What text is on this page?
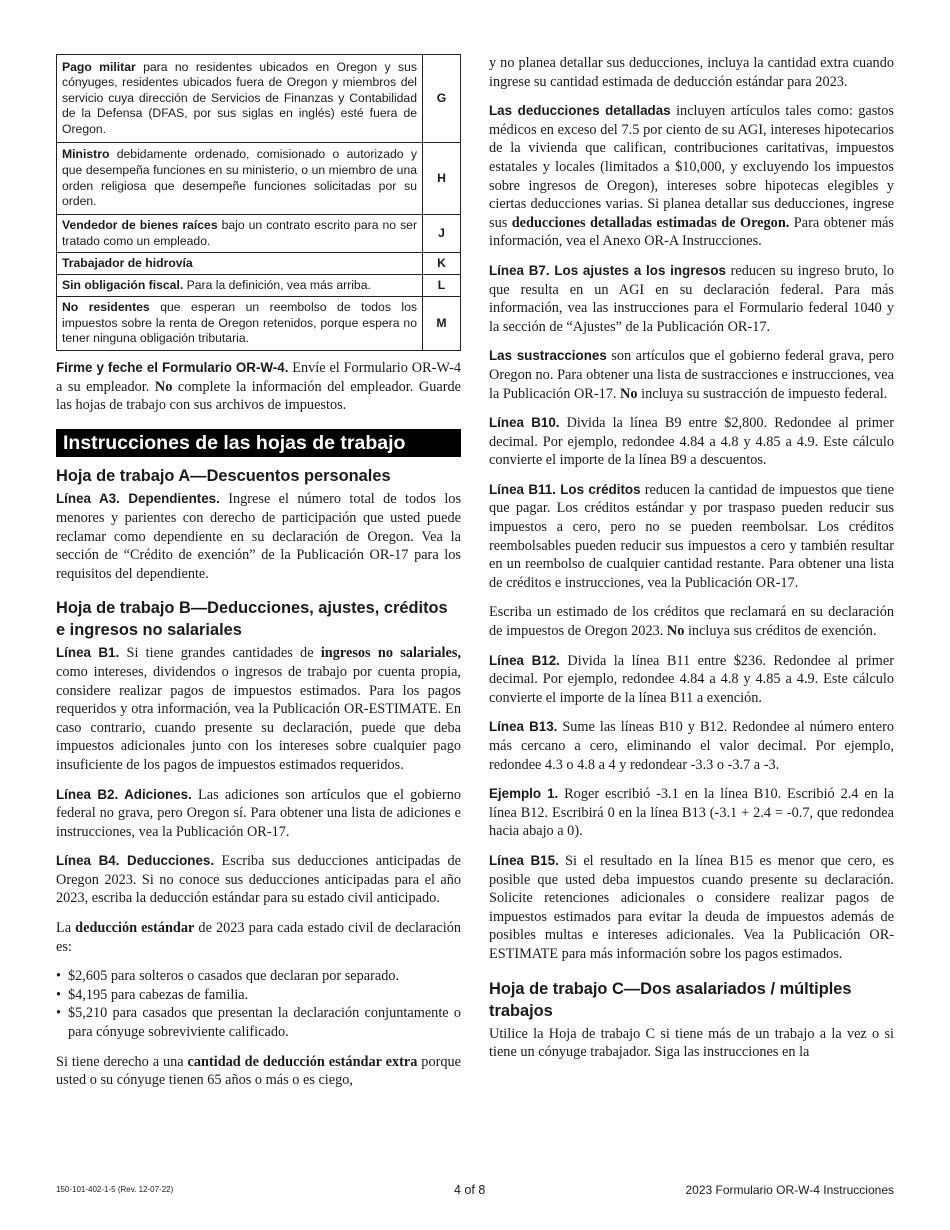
Pago militar para no residentes ubicados en Oregon y sus cónyuges, residentes ubicados fuera de Oregon y miembros del servicio cuya dirección de Servicios de Finanzas y Contabilidad de la Defensa (DFAS, por sus siglas en inglés) esté fuera de Oregon.	G
Ministro debidamente ordenado, comisionado o autorizado y que desempeña funciones en su ministerio, o un miembro de una orden religiosa que desempeñe funciones solicitadas por su orden.	H
Vendedor de bienes raíces bajo un contrato escrito para no ser tratado como un empleado.	J
Trabajador de hidrovía	K
Sin obligación fiscal. Para la definición, vea más arriba.	L
No residentes que esperan un reembolso de todos los impuestos sobre la renta de Oregon retenidos, porque espera no tener ninguna obligación tributaria.	M

Firme y feche el Formulario OR-W-4. Envíe el Formulario OR-W-4 a su empleador. No complete la información del empleador. Guarde las hojas de trabajo con sus archivos de impuestos.

Instrucciones de las hojas de trabajo
Hoja de trabajo A—Descuentos personales

Línea A3. Dependientes. Ingrese el número total de todos los menores y parientes con derecho de participación que usted puede reclamar como dependiente en su declaración de Oregon. Vea la sección de “Crédito de exención” de la Publicación OR-17 para los requisitos del dependiente.

Hoja de trabajo B—Deducciones, ajustes, créditos e ingresos no salariales

Línea B1. Si tiene grandes cantidades de ingresos no salariales, como intereses, dividendos o ingresos de trabajo por cuenta propia, considere realizar pagos de impuestos estimados. Para los pagos requeridos y otra información, vea la Publicación OR-ESTIMATE. En caso contrario, cuando presente su declaración, puede que deba impuestos adicionales junto con los intereses sobre cualquier pago insuficiente de los pagos de impuestos estimados requeridos.

Línea B2. Adiciones. Las adiciones son artículos que el gobierno federal no grava, pero Oregon sí. Para obtener una lista de adiciones e instrucciones, vea la Publicación OR-17.

Línea B4. Deducciones. Escriba sus deducciones anticipadas de Oregon 2023. Si no conoce sus deducciones anticipadas para el año 2023, escriba la deducción estándar para su estado civil anticipado.

La deducción estándar de 2023 para cada estado civil de declaración es:

• $2,605 para solteros o casados que declaran por separado.
• $4,195 para cabezas de familia.
• $5,210 para casados que presentan la declaración conjuntamente o para cónyuge sobreviviente calificado.

Si tiene derecho a una cantidad de deducción estándar extra porque usted o su cónyuge tienen 65 años o más o es ciego,

y no planea detallar sus deducciones, incluya la cantidad extra cuando ingrese su cantidad estimada de deducción estándar para 2023.

Las deducciones detalladas incluyen artículos tales como: gastos médicos en exceso del 7.5 por ciento de su AGI, intereses hipotecarios de la vivienda que califican, contribuciones caritativas, impuestos estatales y locales (limitados a $10,000, y excluyendo los impuestos sobre ingresos de Oregon), intereses sobre hipotecas elegibles y ciertas deducciones varias. Si planea detallar sus deducciones, ingrese sus deducciones detalladas estimadas de Oregon. Para obtener más información, vea el Anexo OR-A Instrucciones.

Línea B7. Los ajustes a los ingresos reducen su ingreso bruto, lo que resulta en un AGI en su declaración federal. Para más información, vea las instrucciones para el Formulario federal 1040 y la sección de “Ajustes” de la Publicación OR-17.

Las sustracciones son artículos que el gobierno federal grava, pero Oregon no. Para obtener una lista de sustracciones e instrucciones, vea la Publicación OR-17. No incluya su sustracción de impuesto federal.

Línea B10. Divida la línea B9 entre $2,800. Redondee al primer decimal. Por ejemplo, redondee 4.84 a 4.8 y 4.85 a 4.9. Este cálculo convierte el importe de la línea B9 a descuentos.

Línea B11. Los créditos reducen la cantidad de impuestos que tiene que pagar. Los créditos estándar y por traspaso pueden reducir sus impuestos a cero, pero no se pueden reembolsar. Los créditos reembolsables pueden reducir sus impuestos a cero y también resultar en un reembolso de cualquier cantidad restante. Para obtener una lista de créditos e instrucciones, vea la Publicación OR-17.

Escriba un estimado de los créditos que reclamará en su declaración de impuestos de Oregon 2023. No incluya sus créditos de exención.

Línea B12. Divida la línea B11 entre $236. Redondee al primer decimal. Por ejemplo, redondee 4.84 a 4.8 y 4.85 a 4.9. Este cálculo convierte el importe de la línea B11 a exención.

Línea B13. Sume las líneas B10 y B12. Redondee al número entero más cercano a cero, eliminando el valor decimal. Por ejemplo, redondee 4.3 o 4.8 a 4 y redondear -3.3 o -3.7 a -3.

Ejemplo 1. Roger escribió -3.1 en la línea B10. Escribió 2.4 en la línea B12. Escribirá 0 en la línea B13 (-3.1 + 2.4 = -0.7, que redondea hacia abajo a 0).

Línea B15. Si el resultado en la línea B15 es menor que cero, es posible que usted deba impuestos cuando presente su declaración. Solicite retenciones adicionales o considere realizar pagos de impuestos estimados para evitar la deuda de impuestos además de posibles multas e intereses adicionales. Vea la Publicación OR-ESTIMATE para más información sobre los pagos estimados.

Hoja de trabajo C—Dos asalariados / múltiples trabajos

Utilice la Hoja de trabajo C si tiene más de un trabajo a la vez o si tiene un cónyuge trabajador. Siga las instrucciones en la

150-101-402-1-5 (Rev. 12-07-22)	4 of 8	2023 Formulario OR-W-4 Instrucciones
